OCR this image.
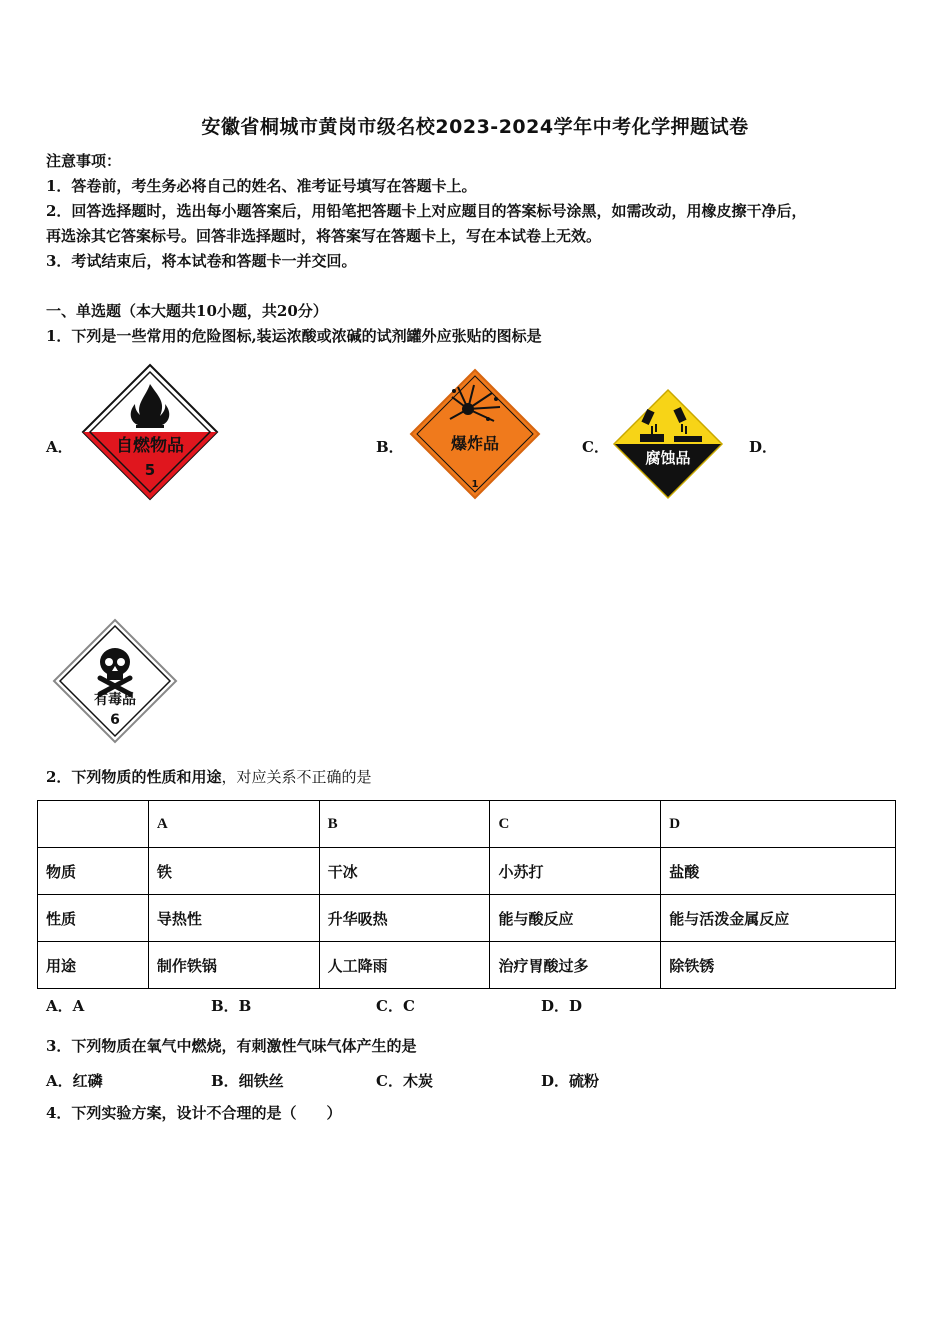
安徽省桐城市黄岗市级名校2023-2024学年中考化学押题试卷
注意事项：
1．答卷前，考生务必将自己的姓名、准考证号填写在答题卡上。
2．回答选择题时，选出每小题答案后，用铅笔把答题卡上对应题目的答案标号涂黑，如需改动，用橡皮擦干净后，
再选涂其它答案标号。回答非选择题时，将答案写在答题卡上，写在本试卷上无效。
3．考试结束后，将本试卷和答题卡一并交回。
一、单选题（本大题共10小题，共20分）
1．下列是一些常用的危险图标,装运浓酸或浓碱的试剂罐外应张贴的图标是
A．	B．	C．	D．
自燃物品
5
爆炸品
1
腐蚀品
有毒品
6
2．下列物质的性质和用途，对应关系不正确的是
	A	B	C	D
物质	铁	干冰	小苏打	盐酸
性质	导热性	升华吸热	能与酸反应	能与活泼金属反应
用途	制作铁锅	人工降雨	治疗胃酸过多	除铁锈
A．A	B．B	C．C	D．D
3．下列物质在氧气中燃烧，有刺激性气味气体产生的是
A．红磷	B．细铁丝	C．木炭	D．硫粉
4．下列实验方案，设计不合理的是（　　）
